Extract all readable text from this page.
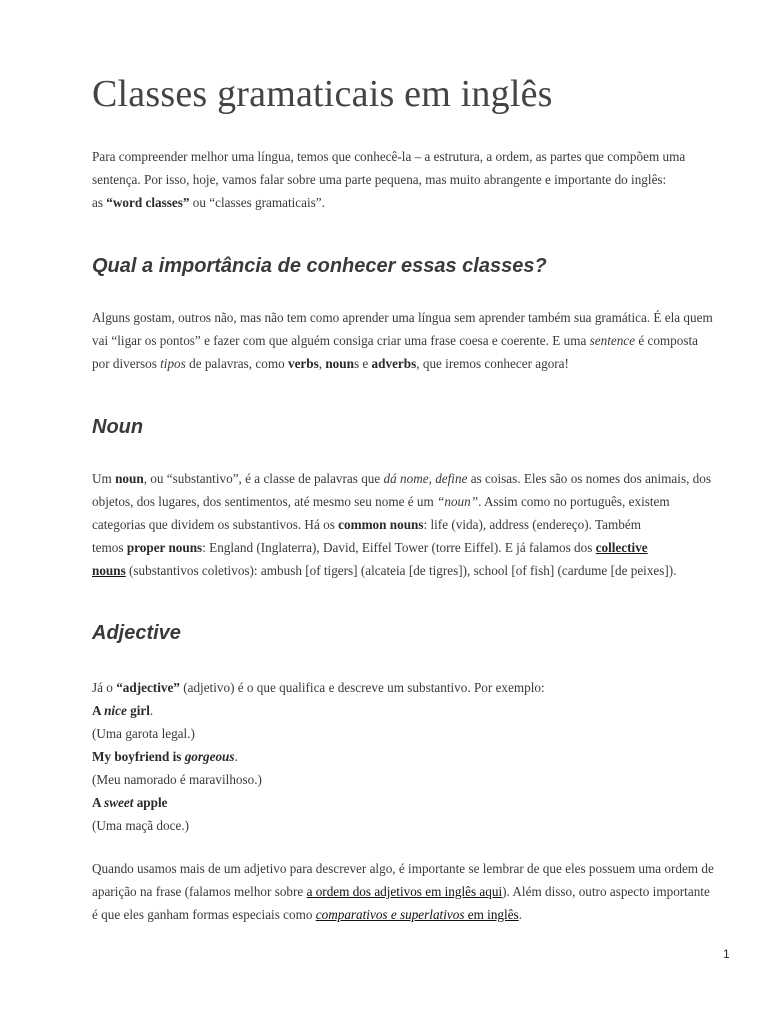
Classes gramaticais em inglês

Para compreender melhor uma língua, temos que conhecê-la – a estrutura, a ordem, as partes que compõem uma
sentença. Por isso, hoje, vamos falar sobre uma parte pequena, mas muito abrangente e importante do inglês:
as “word classes” ou “classes gramaticais”.

Qual a importância de conhecer essas classes?

Alguns gostam, outros não, mas não tem como aprender uma língua sem aprender também sua gramática. É ela quem
vai “ligar os pontos” e fazer com que alguém consiga criar uma frase coesa e coerente. E uma sentence é composta
por diversos tipos de palavras, como verbs, nouns e adverbs, que iremos conhecer agora!

Noun

Um noun, ou “substantivo”, é a classe de palavras que dá nome, define as coisas. Eles são os nomes dos animais, dos
objetos, dos lugares, dos sentimentos, até mesmo seu nome é um “noun”. Assim como no português, existem
categorias que dividem os substantivos. Há os common nouns: life (vida), address (endereço). Também
temos proper nouns: England (Inglaterra), David, Eiffel Tower (torre Eiffel). E já falamos dos collective
nouns (substantivos coletivos): ambush [of tigers] (alcateia [de tigres]), school [of fish] (cardume [de peixes]).

Adjective

Já o “adjective” (adjetivo) é o que qualifica e descreve um substantivo. Por exemplo:
A nice girl.
(Uma garota legal.)
My boyfriend is gorgeous.
(Meu namorado é maravilhoso.)
A sweet apple
(Uma maçã doce.)

Quando usamos mais de um adjetivo para descrever algo, é importante se lembrar de que eles possuem uma ordem de
aparição na frase (falamos melhor sobre a ordem dos adjetivos em inglês aqui). Além disso, outro aspecto importante
é que eles ganham formas especiais como comparativos e superlativos em inglês.

1
